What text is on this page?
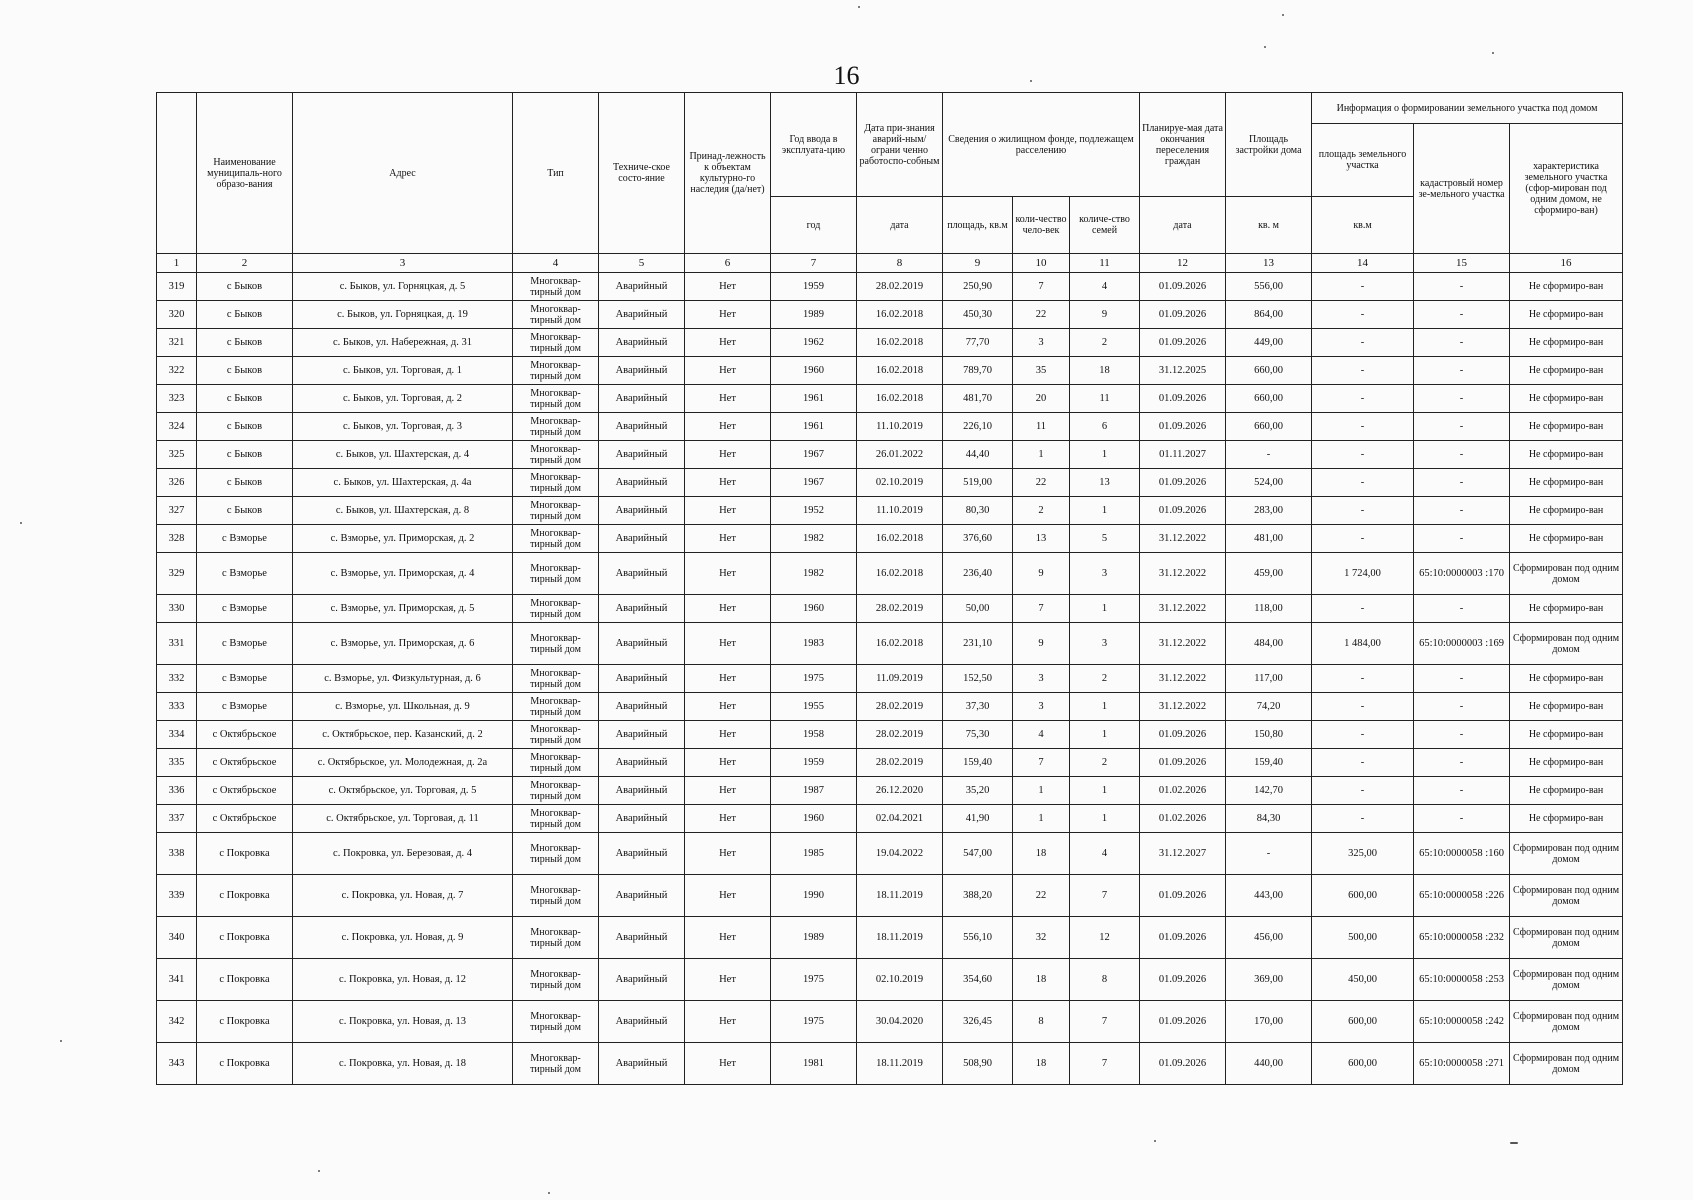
16
	Наименование муниципаль-ного образо-вания	Адрес	Тип	Техниче-ское состо-яние	Принад-лежность к объектам культурно-го наследия (да/нет)	Год ввода в эксплуата-цию	Дата при-знания аварий-ным/ограни ченно работоспо-собным	Сведения о жилищном фонде, подлежащем расселению			Планируе-мая дата окончания переселения граждан	Площадь застройки дома	Информация о формировании земельного участка под домом		
													площадь земельного участка	кадастровый номер зе-мельного участка	характеристика земельного участка (сфор-мирован под одним домом, не сформиро-ван)
						год	дата	площадь, кв.м	коли-чество чело-век	количе-ство семей	дата	кв. м	кв.м		
1	2	3	4	5	6	7	8	9	10	11	12	13	14	15	16
319	с Быков	с. Быков, ул. Горняцкая, д. 5	Многоквар-тирный дом	Аварийный	Нет	1959	28.02.2019	250,90	7	4	01.09.2026	556,00	-	-	Не сформиро-ван
320	с Быков	с. Быков, ул. Горняцкая, д. 19	Многоквар-тирный дом	Аварийный	Нет	1989	16.02.2018	450,30	22	9	01.09.2026	864,00	-	-	Не сформиро-ван
321	с Быков	с. Быков, ул. Набережная, д. 31	Многоквар-тирный дом	Аварийный	Нет	1962	16.02.2018	77,70	3	2	01.09.2026	449,00	-	-	Не сформиро-ван
322	с Быков	с. Быков, ул. Торговая, д. 1	Многоквар-тирный дом	Аварийный	Нет	1960	16.02.2018	789,70	35	18	31.12.2025	660,00	-	-	Не сформиро-ван
323	с Быков	с. Быков, ул. Торговая, д. 2	Многоквар-тирный дом	Аварийный	Нет	1961	16.02.2018	481,70	20	11	01.09.2026	660,00	-	-	Не сформиро-ван
324	с Быков	с. Быков, ул. Торговая, д. 3	Многоквар-тирный дом	Аварийный	Нет	1961	11.10.2019	226,10	11	6	01.09.2026	660,00	-	-	Не сформиро-ван
325	с Быков	с. Быков, ул. Шахтерская, д. 4	Многоквар-тирный дом	Аварийный	Нет	1967	26.01.2022	44,40	1	1	01.11.2027	-	-	-	Не сформиро-ван
326	с Быков	с. Быков, ул. Шахтерская, д. 4а	Многоквар-тирный дом	Аварийный	Нет	1967	02.10.2019	519,00	22	13	01.09.2026	524,00	-	-	Не сформиро-ван
327	с Быков	с. Быков, ул. Шахтерская, д. 8	Многоквар-тирный дом	Аварийный	Нет	1952	11.10.2019	80,30	2	1	01.09.2026	283,00	-	-	Не сформиро-ван
328	с Взморье	с. Взморье, ул. Приморская, д. 2	Многоквар-тирный дом	Аварийный	Нет	1982	16.02.2018	376,60	13	5	31.12.2022	481,00	-	-	Не сформиро-ван
329	с Взморье	с. Взморье, ул. Приморская, д. 4	Многоквар-тирный дом	Аварийный	Нет	1982	16.02.2018	236,40	9	3	31.12.2022	459,00	1 724,00	65:10:0000003 :170	Сформирован под одним домом
330	с Взморье	с. Взморье, ул. Приморская, д. 5	Многоквар-тирный дом	Аварийный	Нет	1960	28.02.2019	50,00	7	1	31.12.2022	118,00	-	-	Не сформиро-ван
331	с Взморье	с. Взморье, ул. Приморская, д. 6	Многоквар-тирный дом	Аварийный	Нет	1983	16.02.2018	231,10	9	3	31.12.2022	484,00	1 484,00	65:10:0000003 :169	Сформирован под одним домом
332	с Взморье	с. Взморье, ул. Физкультурная, д. 6	Многоквар-тирный дом	Аварийный	Нет	1975	11.09.2019	152,50	3	2	31.12.2022	117,00	-	-	Не сформиро-ван
333	с Взморье	с. Взморье, ул. Школьная, д. 9	Многоквар-тирный дом	Аварийный	Нет	1955	28.02.2019	37,30	3	1	31.12.2022	74,20	-	-	Не сформиро-ван
334	с Октябрьское	с. Октябрьское, пер. Казанский, д. 2	Многоквар-тирный дом	Аварийный	Нет	1958	28.02.2019	75,30	4	1	01.09.2026	150,80	-	-	Не сформиро-ван
335	с Октябрьское	с. Октябрьское, ул. Молодежная, д. 2а	Многоквар-тирный дом	Аварийный	Нет	1959	28.02.2019	159,40	7	2	01.09.2026	159,40	-	-	Не сформиро-ван
336	с Октябрьское	с. Октябрьское, ул. Торговая, д. 5	Многоквар-тирный дом	Аварийный	Нет	1987	26.12.2020	35,20	1	1	01.02.2026	142,70	-	-	Не сформиро-ван
337	с Октябрьское	с. Октябрьское, ул. Торговая, д. 11	Многоквар-тирный дом	Аварийный	Нет	1960	02.04.2021	41,90	1	1	01.02.2026	84,30	-	-	Не сформиро-ван
338	с Покровка	с. Покровка, ул. Березовая, д. 4	Многоквар-тирный дом	Аварийный	Нет	1985	19.04.2022	547,00	18	4	31.12.2027	-	325,00	65:10:0000058 :160	Сформирован под одним домом
339	с Покровка	с. Покровка, ул. Новая, д. 7	Многоквар-тирный дом	Аварийный	Нет	1990	18.11.2019	388,20	22	7	01.09.2026	443,00	600,00	65:10:0000058 :226	Сформирован под одним домом
340	с Покровка	с. Покровка, ул. Новая, д. 9	Многоквар-тирный дом	Аварийный	Нет	1989	18.11.2019	556,10	32	12	01.09.2026	456,00	500,00	65:10:0000058 :232	Сформирован под одним домом
341	с Покровка	с. Покровка, ул. Новая, д. 12	Многоквар-тирный дом	Аварийный	Нет	1975	02.10.2019	354,60	18	8	01.09.2026	369,00	450,00	65:10:0000058 :253	Сформирован под одним домом
342	с Покровка	с. Покровка, ул. Новая, д. 13	Многоквар-тирный дом	Аварийный	Нет	1975	30.04.2020	326,45	8	7	01.09.2026	170,00	600,00	65:10:0000058 :242	Сформирован под одним домом
343	с Покровка	с. Покровка, ул. Новая, д. 18	Многоквар-тирный дом	Аварийный	Нет	1981	18.11.2019	508,90	18	7	01.09.2026	440,00	600,00	65:10:0000058 :271	Сформирован под одним домом
